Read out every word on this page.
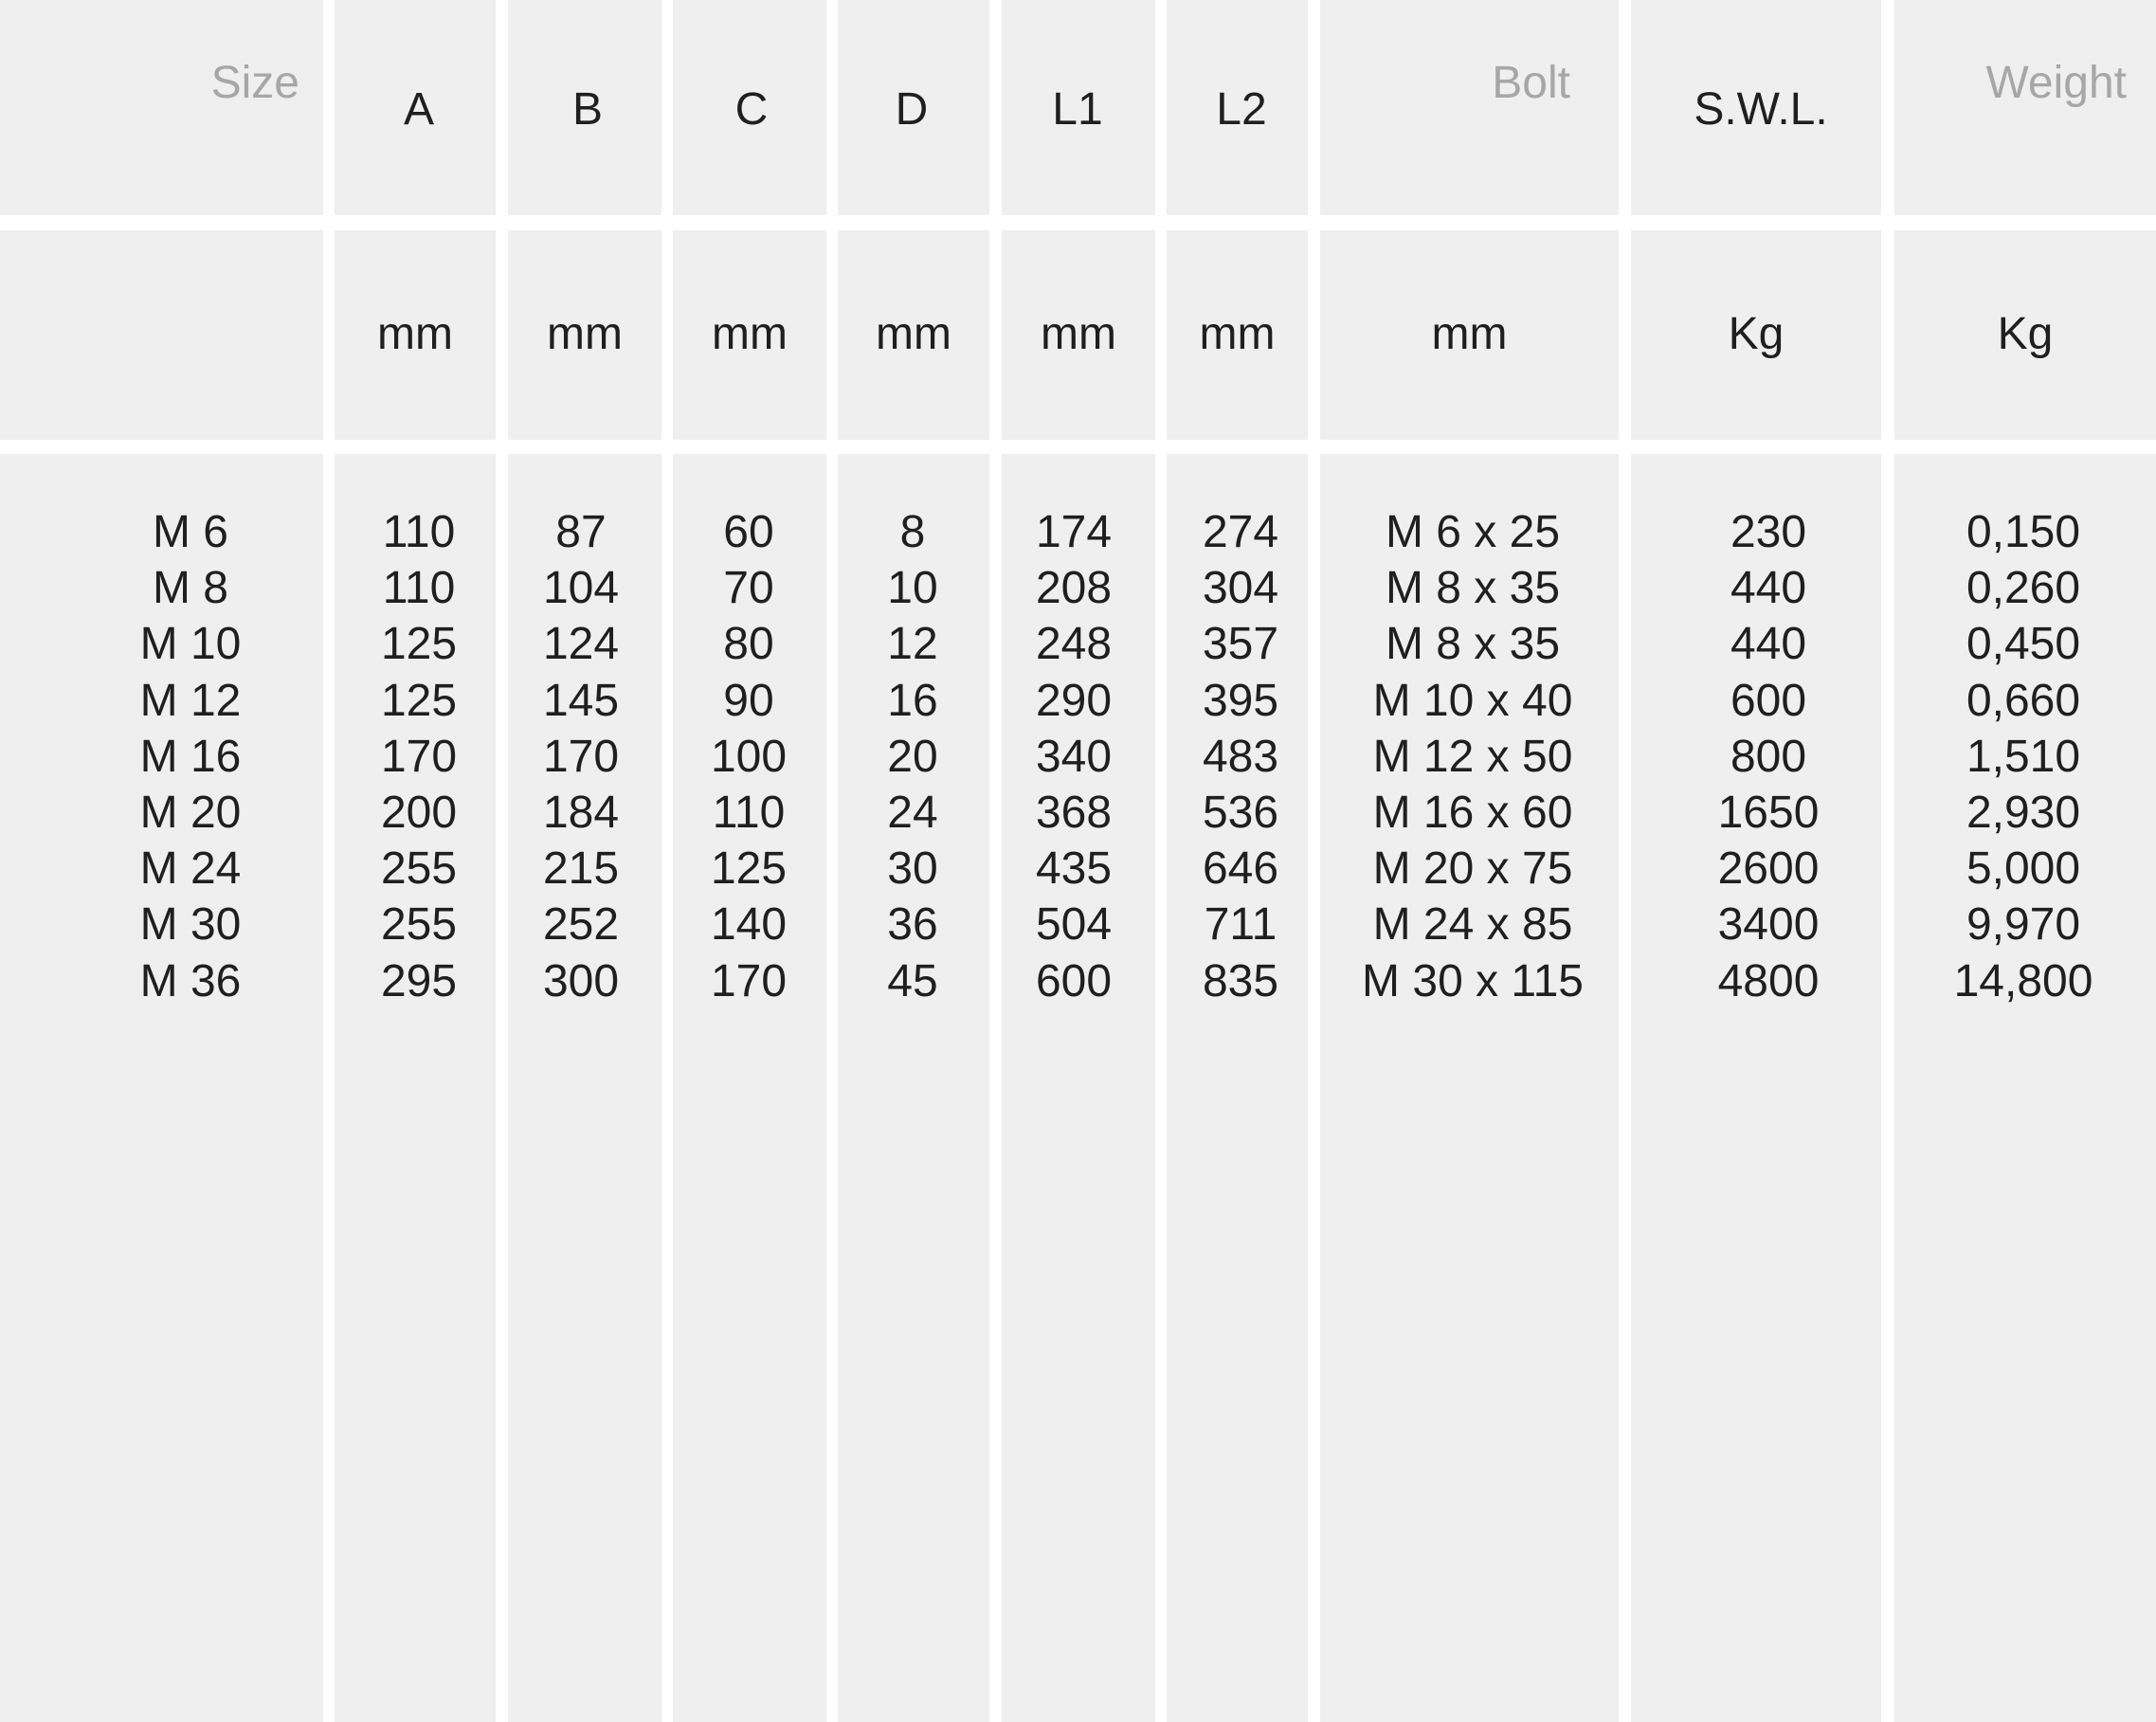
Size
M 6
M 8
M 10
M 12
M 16
M 20
M 24
M 30
M 36
A
mm
110
110
125
125
170
200
255
255
295
B
mm
87
104
124
145
170
184
215
252
300
C
mm
60
70
80
90
100
110
125
140
170
D
mm
8
10
12
16
20
24
30
36
45
L1
mm
174
208
248
290
340
368
435
504
600
L2
mm
274
304
357
395
483
536
646
711
835
Bolt
mm
M 6 x 25
M 8 x 35
M 8 x 35
M 10 x 40
M 12 x 50
M 16 x 60
M 20 x 75
M 24 x 85
M 30 x 115
S.W.L.
Kg
230
440
440
600
800
1650
2600
3400
4800
Weight
Kg
0,150
0,260
0,450
0,660
1,510
2,930
5,000
9,970
14,800
